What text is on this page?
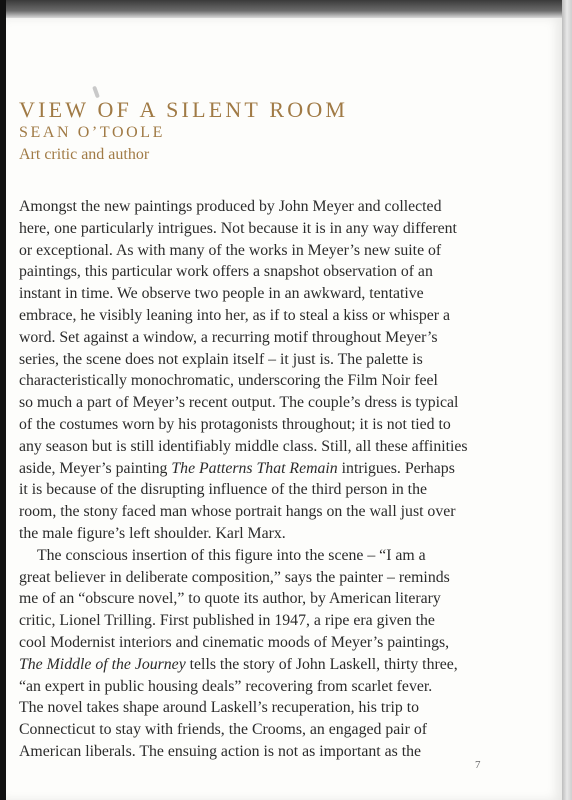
VIEW OF A SILENT ROOM
SEAN O’TOOLE
Art critic and author
Amongst the new paintings produced by John Meyer and collected
here, one particularly intrigues. Not because it is in any way different
or exceptional. As with many of the works in Meyer’s new suite of
paintings, this particular work offers a snapshot observation of an
instant in time. We observe two people in an awkward, tentative
embrace, he visibly leaning into her, as if to steal a kiss or whisper a
word. Set against a window, a recurring motif throughout Meyer’s
series, the scene does not explain itself – it just is. The palette is
characteristically monochromatic, underscoring the Film Noir feel
so much a part of Meyer’s recent output. The couple’s dress is typical
of the costumes worn by his protagonists throughout; it is not tied to
any season but is still identifiably middle class. Still, all these affinities
aside, Meyer’s painting The Patterns That Remain intrigues. Perhaps
it is because of the disrupting influence of the third person in the
room, the stony faced man whose portrait hangs on the wall just over
the male figure’s left shoulder. Karl Marx.
The conscious insertion of this figure into the scene – “I am a
great believer in deliberate composition,” says the painter – reminds
me of an “obscure novel,” to quote its author, by American literary
critic, Lionel Trilling. First published in 1947, a ripe era given the
cool Modernist interiors and cinematic moods of Meyer’s paintings,
The Middle of the Journey tells the story of John Laskell, thirty three,
“an expert in public housing deals” recovering from scarlet fever.
The novel takes shape around Laskell’s recuperation, his trip to
Connecticut to stay with friends, the Crooms, an engaged pair of
American liberals. The ensuing action is not as important as the
7
